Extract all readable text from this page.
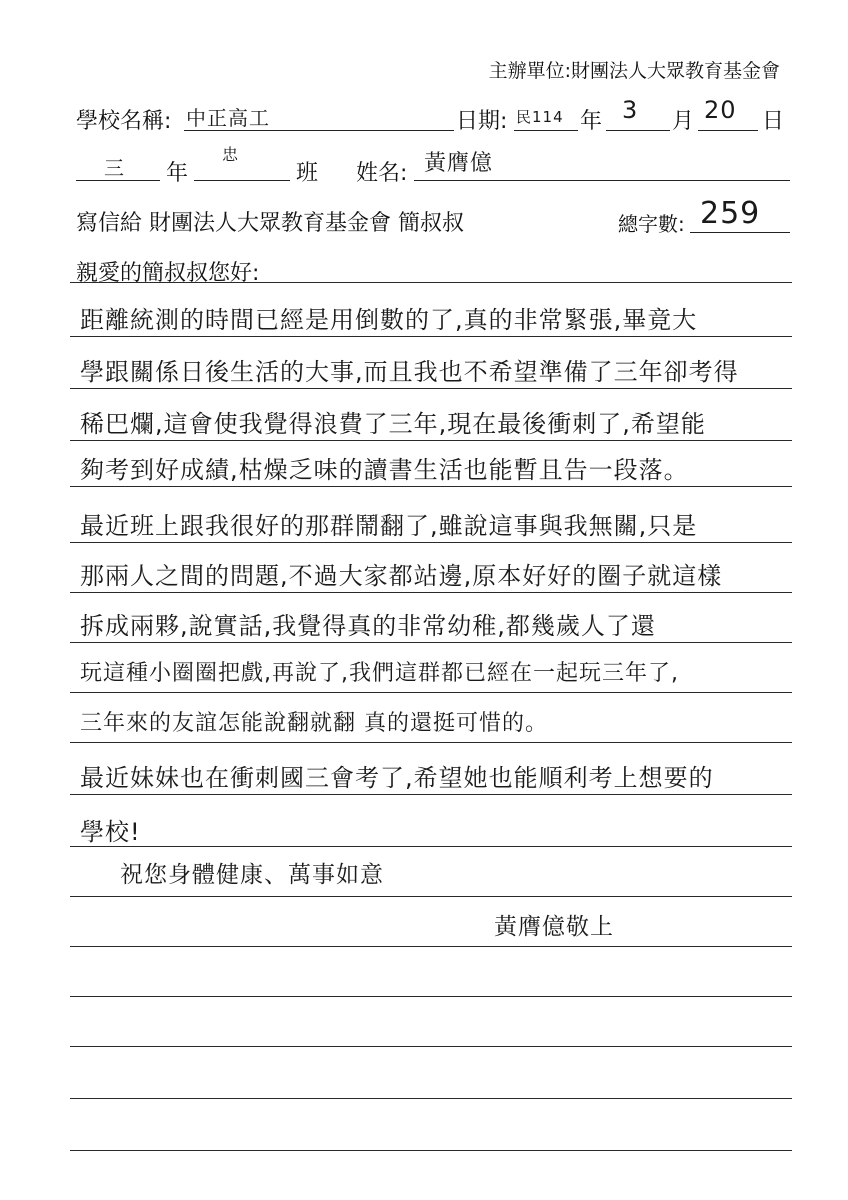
主辦單位:財團法人大眾教育基金會
學校名稱: 中正高工	日期: 民114 年 3 月 20 日
三 年
忠
班 姓名: 黃膺億
寫信給 財團法人大眾教育基金會 簡叔叔	總字數: 259
親愛的簡叔叔您好:
距離統測的時間已經是用倒數的了,真的非常緊張,畢竟大
學跟關係日後生活的大事,而且我也不希望準備了三年卻考得
稀巴爛,這會使我覺得浪費了三年,現在最後衝刺了,希望能
夠考到好成績,枯燥乏味的讀書生活也能暫且告一段落。
最近班上跟我很好的那群鬧翻了,雖說這事與我無關,只是
那兩人之間的問題,不過大家都站邊,原本好好的圈子就這樣
拆成兩夥,說實話,我覺得真的非常幼稚,都幾歲人了還
玩這種小圈圈把戲,再說了,我們這群都已經在一起玩三年了,
三年來的友誼怎能說翻就翻 真的還挺可惜的。
最近妹妹也在衝刺國三會考了,希望她也能順利考上想要的
學校!
祝您身體健康、萬事如意
黃膺億敬上
